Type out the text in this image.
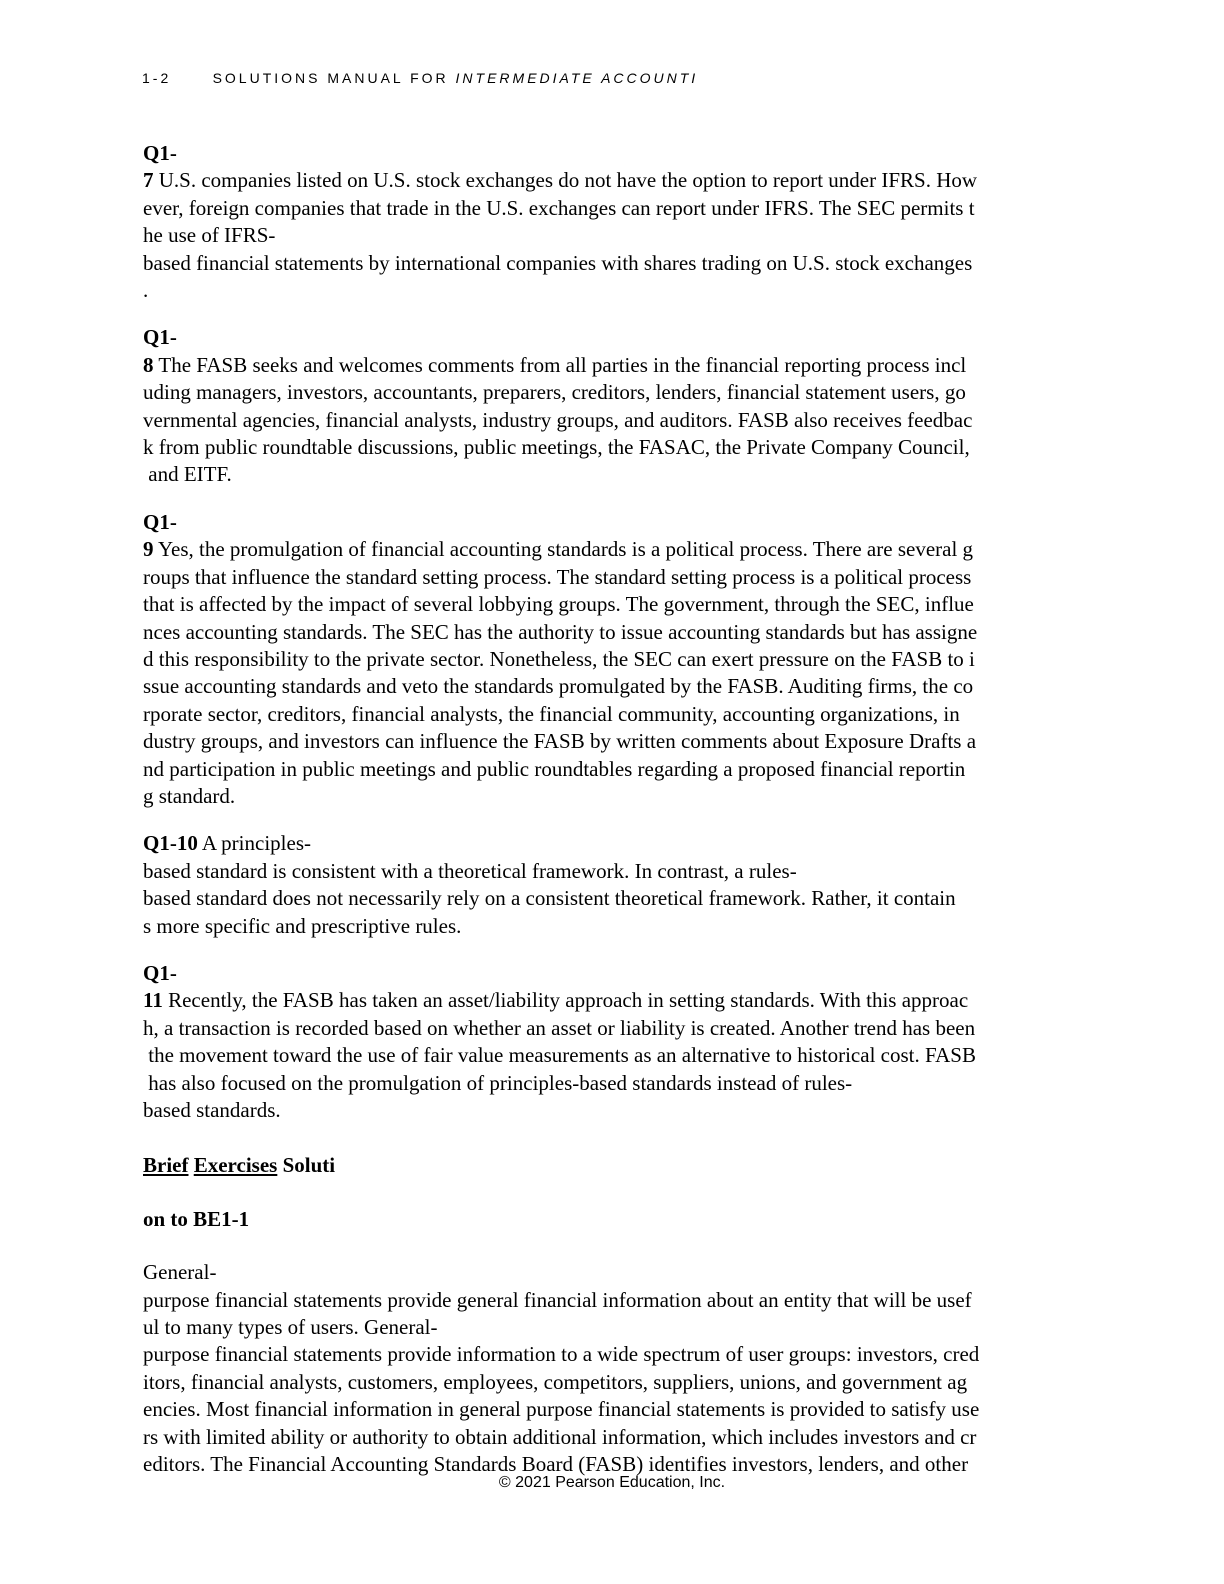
1-2	SOLUTIONS MANUAL FOR INTERMEDIATE ACCOUNTI
Q1-
7 U.S. companies listed on U.S. stock exchanges do not have the option to report under IFRS. How
ever, foreign companies that trade in the U.S. exchanges can report under IFRS. The SEC permits t
he use of IFRS-
based financial statements by international companies with shares trading on U.S. stock exchanges
.
Q1-
8 The FASB seeks and welcomes comments from all parties in the financial reporting process incl
uding managers, investors, accountants, preparers, creditors, lenders, financial statement users, go
vernmental agencies, financial analysts, industry groups, and auditors. FASB also receives feedbac
k from public roundtable discussions, public meetings, the FASAC, the Private Company Council,
and EITF.
Q1-
9 Yes, the promulgation of financial accounting standards is a political process. There are several g
roups that influence the standard setting process. The standard setting process is a political process
that is affected by the impact of several lobbying groups. The government, through the SEC, influe
nces accounting standards. The SEC has the authority to issue accounting standards but has assigne
d this responsibility to the private sector. Nonetheless, the SEC can exert pressure on the FASB to i
ssue accounting standards and veto the standards promulgated by the FASB. Auditing firms, the co
rporate sector, creditors, financial analysts, the financial community, accounting organizations, in
dustry groups, and investors can influence the FASB by written comments about Exposure Drafts a
nd participation in public meetings and public roundtables regarding a proposed financial reportin
g standard.
Q1-10 A principles-
based standard is consistent with a theoretical framework. In contrast, a rules-
based standard does not necessarily rely on a consistent theoretical framework. Rather, it contain
s more specific and prescriptive rules.
Q1-
11 Recently, the FASB has taken an asset/liability approach in setting standards. With this approac
h, a transaction is recorded based on whether an asset or liability is created. Another trend has been
the movement toward the use of fair value measurements as an alternative to historical cost. FASB
has also focused on the promulgation of principles-based standards instead of rules-
based standards.
Brief Exercises Soluti
on to BE1-1
General-
purpose financial statements provide general financial information about an entity that will be usef
ul to many types of users. General-
purpose financial statements provide information to a wide spectrum of user groups: investors, cred
itors, financial analysts, customers, employees, competitors, suppliers, unions, and government ag
encies. Most financial information in general purpose financial statements is provided to satisfy use
rs with limited ability or authority to obtain additional information, which includes investors and cr
editors. The Financial Accounting Standards Board (FASB) identifies investors, lenders, and other
© 2021 Pearson Education, Inc.
